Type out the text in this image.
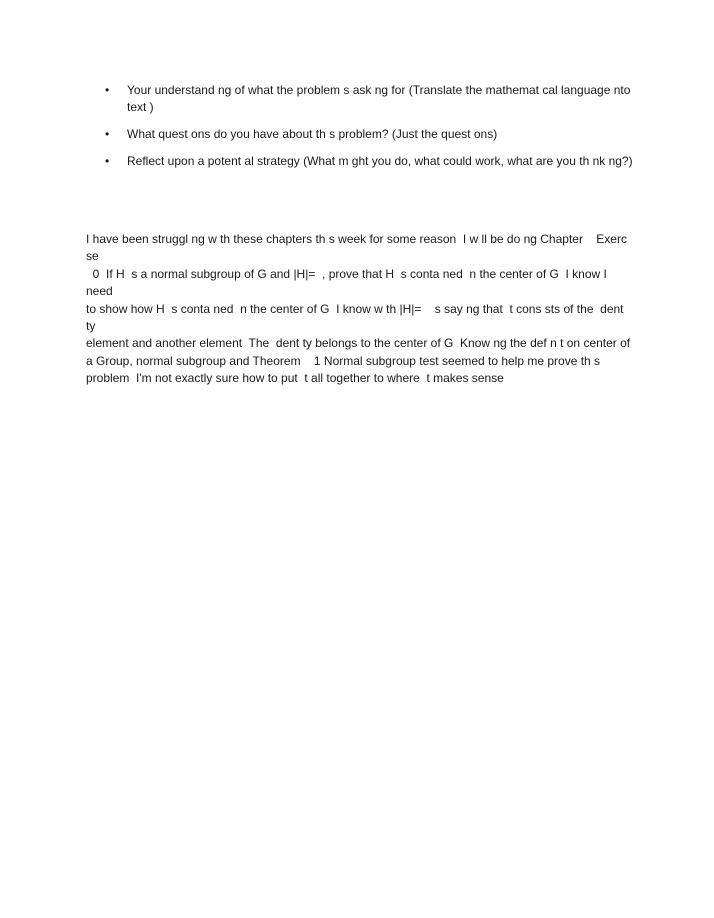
• Your understand ng of what the problem s ask ng for (Translate the mathemat cal language nto text )
• What quest ons do you have about th s problem? (Just the quest ons)
• Reflect upon a potent al strategy (What m ght you do, what could work, what are you th nk ng?)

I have been struggl ng w th these chapters th s week for some reason  I w ll be do ng Chapter    Exerc se
0  If H  s a normal subgroup of G and |H|=  , prove that H  s conta ned  n the center of G  I know I need
to show how H  s conta ned  n the center of G  I know w th |H|=    s say ng that  t cons sts of the  dent ty
element and another element  The  dent ty belongs to the center of G  Know ng the def n t on center of
a Group, normal subgroup and Theorem    1 Normal subgroup test seemed to help me prove th s
problem  I'm not exactly sure how to put  t all together to where  t makes sense
